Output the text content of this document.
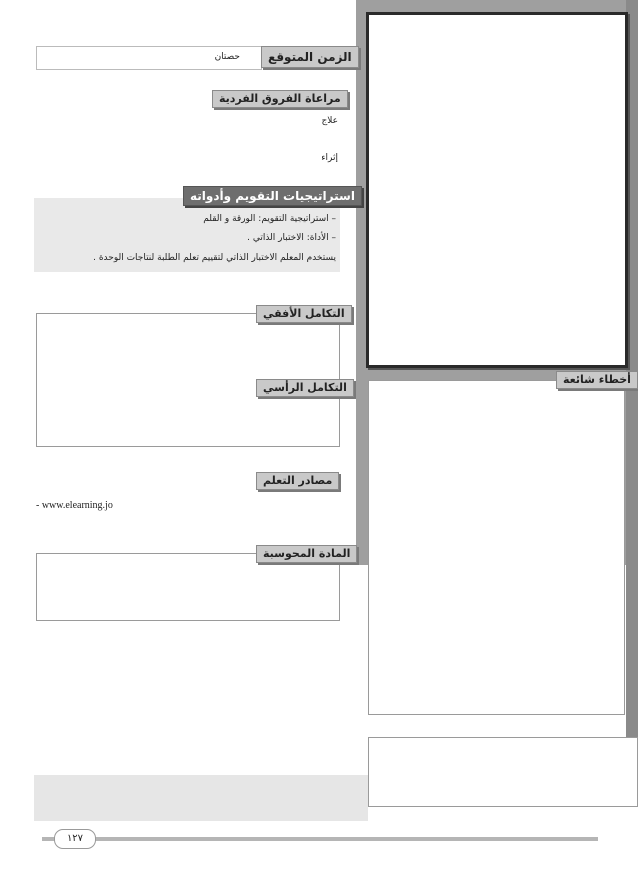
أخطاء شائعة
حصتان	الزمن المتوقع
مراعاة الفروق الفردية
علاج
إثراء
استراتيجيات التقويم وأدواته
– استراتيجية التقويم: الورقة و القلم
– الأداة: الاختبار الذاتي .
يستخدم المعلم الاختبار الذاتي لتقييم تعلم الطلبة لنتاجات الوحدة .
التكامل الأفقي
التكامل الرأسي
مصادر التعلم
- www.elearning.jo
المادة المحوسبة
١٢٧
